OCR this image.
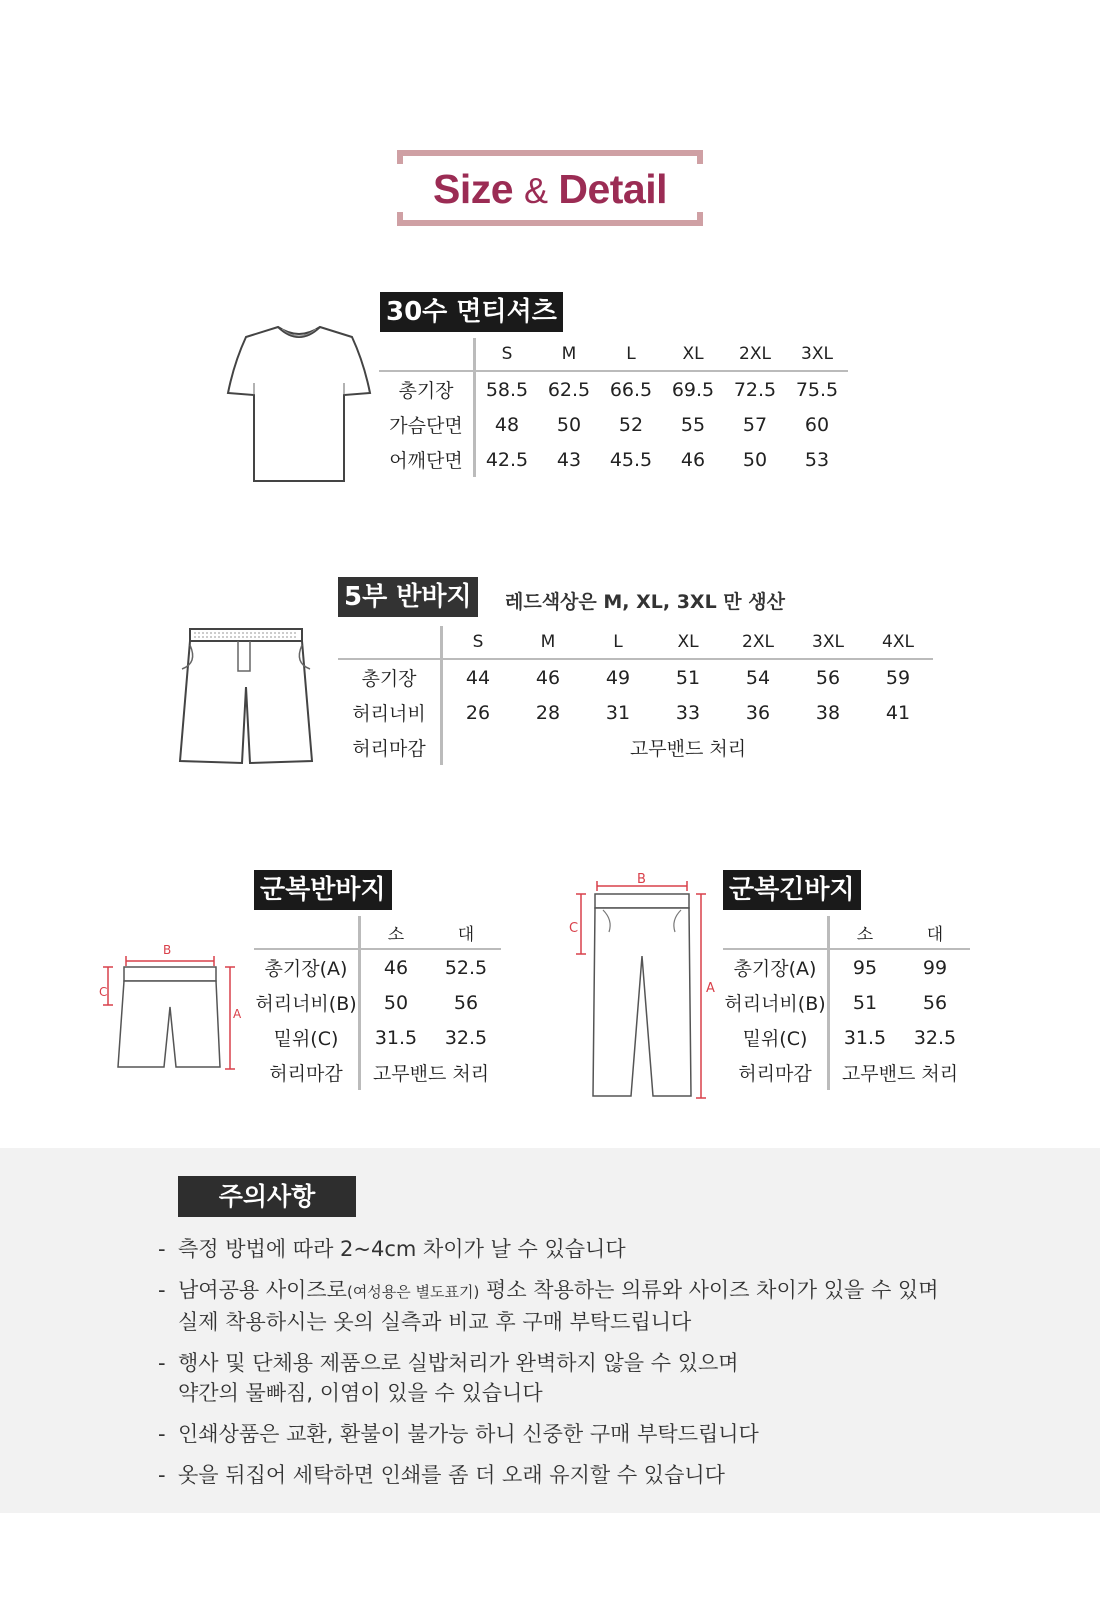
Size & Detail
30수 면티셔츠
	S	M	L	XL	2XL	3XL
총기장	58.5	62.5	66.5	69.5	72.5	75.5
가슴단면	48	50	52	55	57	60
어깨단면	42.5	43	45.5	46	50	53
5부 반바지	레드색상은 M, XL, 3XL 만 생산
	S	M	L	XL	2XL	3XL	4XL
총기장	44	46	49	51	54	56	59
허리너비	26	28	31	33	36	38	41
허리마감	고무밴드 처리						
군복반바지
B
C
A
	소	대
총기장(A)	46	52.5
허리너비(B)	50	56
밑위(C)	31.5	32.5
허리마감	고무밴드 처리	
군복긴바지
B
C
A
	소	대
총기장(A)	95	99
허리너비(B)	51	56
밑위(C)	31.5	32.5
허리마감	고무밴드 처리	
주의사항
- 측정 방법에 따라 2~4cm 차이가 날 수 있습니다
- 남여공용 사이즈로(여성용은 별도표기) 평소 착용하는 의류와 사이즈 차이가 있을 수 있며
실제 착용하시는 옷의 실측과 비교 후 구매 부탁드립니다
- 행사 및 단체용 제품으로 실밥처리가 완벽하지 않을 수 있으며
약간의 물빠짐, 이염이 있을 수 있습니다
- 인쇄상품은 교환, 환불이 불가능 하니 신중한 구매 부탁드립니다
- 옷을 뒤집어 세탁하면 인쇄를 좀 더 오래 유지할 수 있습니다
